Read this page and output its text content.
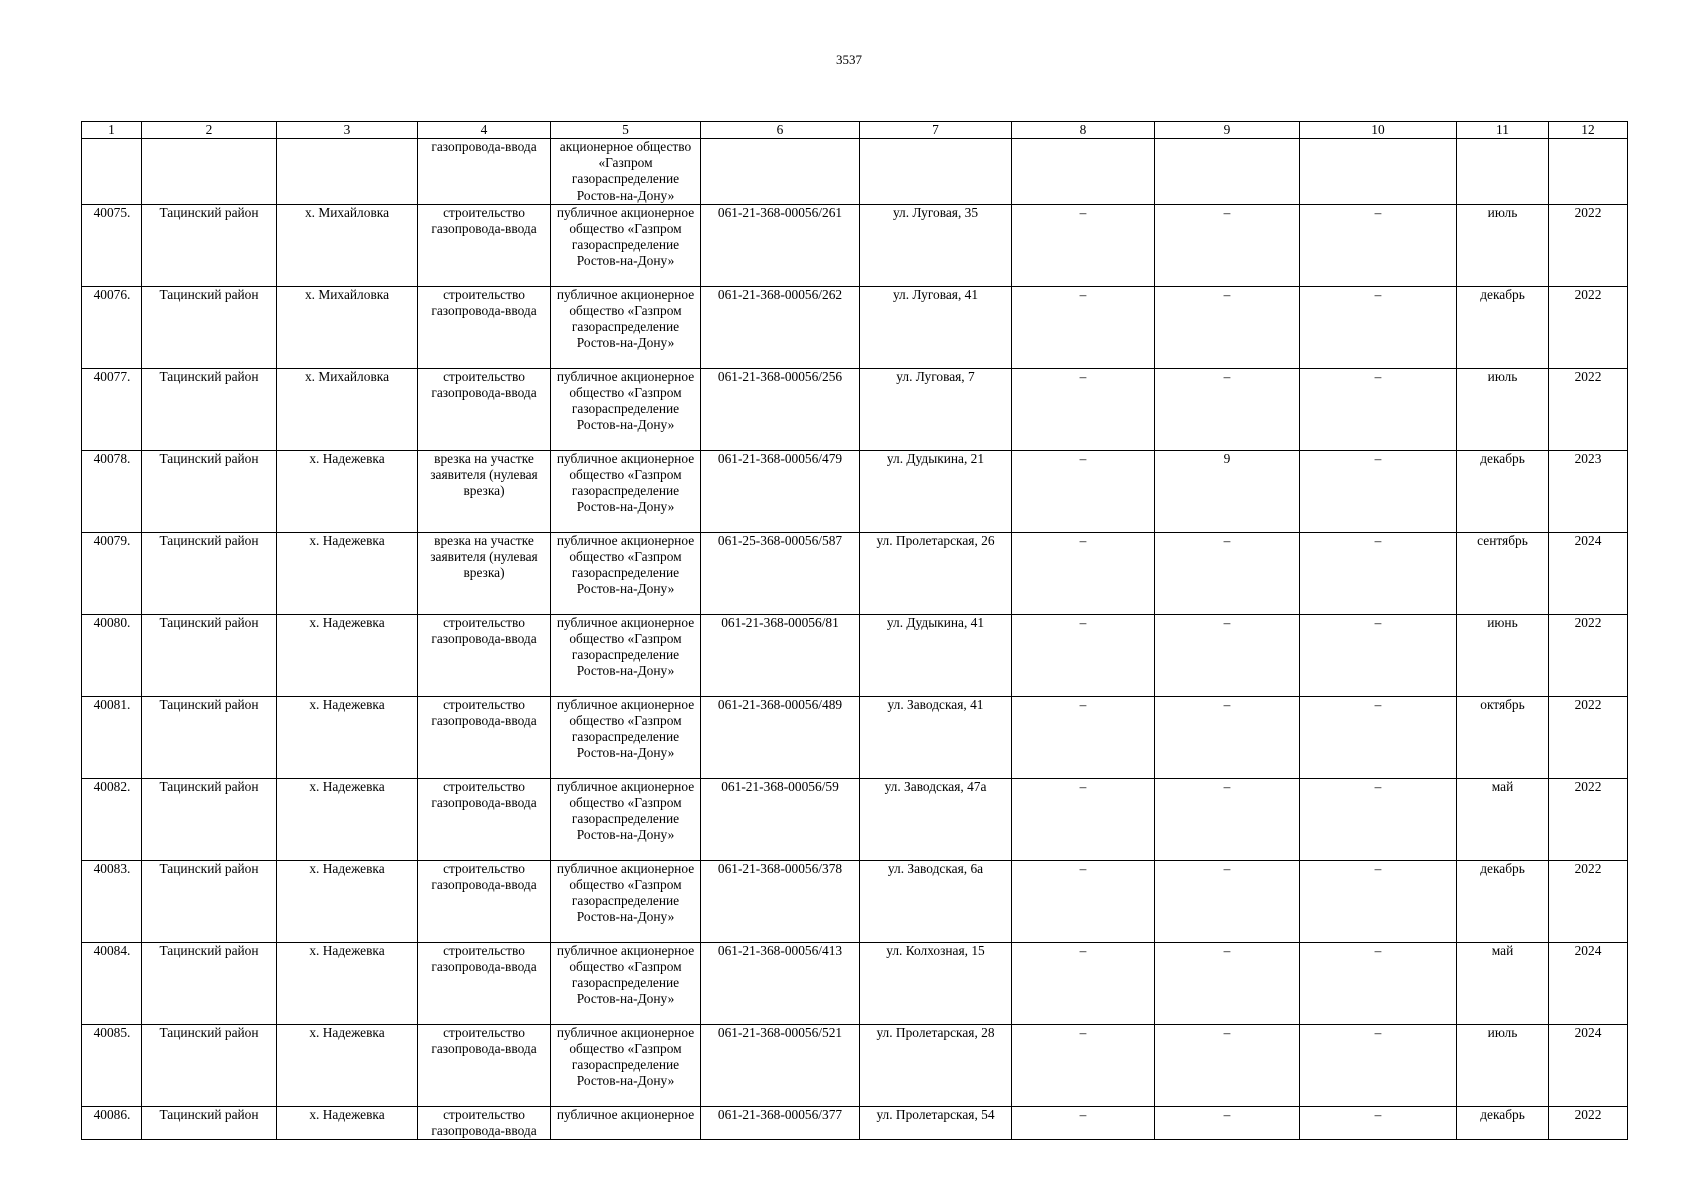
3537
1	2	3	4	5	6	7	8	9	10	11	12
			газопровода-ввода	акционерное общество «Газпром газораспределение Ростов-на-Дону»							
40075.	Тацинский район	х. Михайловка	строительство газопровода-ввода	публичное акционерное общество «Газпром газораспределение Ростов-на-Дону»	061-21-368-00056/261	ул. Луговая, 35	–	–	–	июль	2022
40076.	Тацинский район	х. Михайловка	строительство газопровода-ввода	публичное акционерное общество «Газпром газораспределение Ростов-на-Дону»	061-21-368-00056/262	ул. Луговая, 41	–	–	–	декабрь	2022
40077.	Тацинский район	х. Михайловка	строительство газопровода-ввода	публичное акционерное общество «Газпром газораспределение Ростов-на-Дону»	061-21-368-00056/256	ул. Луговая, 7	–	–	–	июль	2022
40078.	Тацинский район	х. Надежевка	врезка на участке заявителя (нулевая врезка)	публичное акционерное общество «Газпром газораспределение Ростов-на-Дону»	061-21-368-00056/479	ул. Дудыкина, 21	–	9	–	декабрь	2023
40079.	Тацинский район	х. Надежевка	врезка на участке заявителя (нулевая врезка)	публичное акционерное общество «Газпром газораспределение Ростов-на-Дону»	061-25-368-00056/587	ул. Пролетарская, 26	–	–	–	сентябрь	2024
40080.	Тацинский район	х. Надежевка	строительство газопровода-ввода	публичное акционерное общество «Газпром газораспределение Ростов-на-Дону»	061-21-368-00056/81	ул. Дудыкина, 41	–	–	–	июнь	2022
40081.	Тацинский район	х. Надежевка	строительство газопровода-ввода	публичное акционерное общество «Газпром газораспределение Ростов-на-Дону»	061-21-368-00056/489	ул. Заводская, 41	–	–	–	октябрь	2022
40082.	Тацинский район	х. Надежевка	строительство газопровода-ввода	публичное акционерное общество «Газпром газораспределение Ростов-на-Дону»	061-21-368-00056/59	ул. Заводская, 47а	–	–	–	май	2022
40083.	Тацинский район	х. Надежевка	строительство газопровода-ввода	публичное акционерное общество «Газпром газораспределение Ростов-на-Дону»	061-21-368-00056/378	ул. Заводская, 6а	–	–	–	декабрь	2022
40084.	Тацинский район	х. Надежевка	строительство газопровода-ввода	публичное акционерное общество «Газпром газораспределение Ростов-на-Дону»	061-21-368-00056/413	ул. Колхозная, 15	–	–	–	май	2024
40085.	Тацинский район	х. Надежевка	строительство газопровода-ввода	публичное акционерное общество «Газпром газораспределение Ростов-на-Дону»	061-21-368-00056/521	ул. Пролетарская, 28	–	–	–	июль	2024
40086.	Тацинский район	х. Надежевка	строительство газопровода-ввода	публичное акционерное	061-21-368-00056/377	ул. Пролетарская, 54	–	–	–	декабрь	2022
